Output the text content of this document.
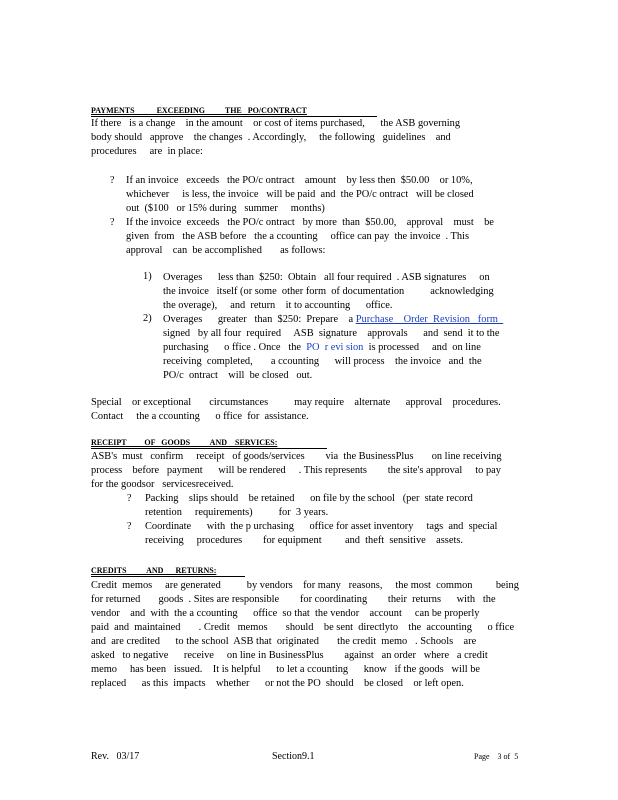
PAYMENTS           EXCEEDING          THE   PO/CONTRACT
If there   is a change    in the amount    or cost of items purchased,      the ASB governing
body should   approve    the changes  . Accordingly,     the following   guidelines    and
procedures     are  in place:
? If an invoice   exceeds   the PO/c ontract    amount    by less then  $50.00    or 10%,
whichever     is less, the invoice   will be paid  and  the PO/c ontract   will be closed
out  ($100   or 15% during   summer     months)
? If the invoice  exceeds   the PO/c ontract   by more  than  $50.00,    approval    must    be
given  from   the ASB before   the a ccounting     office can pay  the invoice  . This
approval    can  be accomplished       as follows:
1) Overages      less than  $250:  Obtain   all four required  . ASB signatures     on
the invoice   itself (or some  other form  of documentation          acknowledging
the overage),     and  return    it to accounting      office.
2) Overages      greater   than  $250:  Prepare    a Purchase    Order  Revision   form
signed   by all four  required     ASB  signature    approvals      and  send  it to the
purchasing      o ffice . Once   the  PO  r evi sion  is processed     and  on line
receiving  completed,       a ccounting      will process    the invoice   and  the
PO/c  ontract    will  be closed   out.
Special    or exceptional       circumstances          may require    alternate      approval    procedures.
Contact     the a ccounting      o ffice  for  assistance.
RECEIPT         OF   GOODS          AND    SERVICES:
ASB's  must   confirm     receipt   of goods/services        via  the BusinessPlus       on line receiving
process    before   payment      will be rendered     . This represents        the site's approval     to pay
for the goodsor   servicesreceived.
? Packing    slips should    be retained      on file by the school   (per  state record
retention     requirements)          for  3 years.
? Coordinate      with  the p urchasing      office for asset inventory     tags  and  special
receiving     procedures        for equipment         and  theft  sensitive    assets.
CREDITS          AND      RETURNS:
Credit  memos     are generated          by vendors    for many   reasons,     the most  common         being
for returned       goods  . Sites are responsible        for coordinating        their  returns      with   the
vendor    and  with  the a ccounting      office  so that  the vendor    account     can be properly
paid  and  maintained       . Credit   memos       should    be sent  directlyto    the  accounting      o ffice
and  are credited      to the school  ASB that  originated       the credit  memo   . Schools    are
asked   to negative      receive     on line in BusinessPlus        against   an order   where   a credit
memo     has been   issued.    It is helpful      to let a ccounting      know   if the goods   will be
replaced      as this  impacts    whether      or not the PO  should    be closed    or left open.
Rev.   03/17	Section9.1	Page    3 of  5
